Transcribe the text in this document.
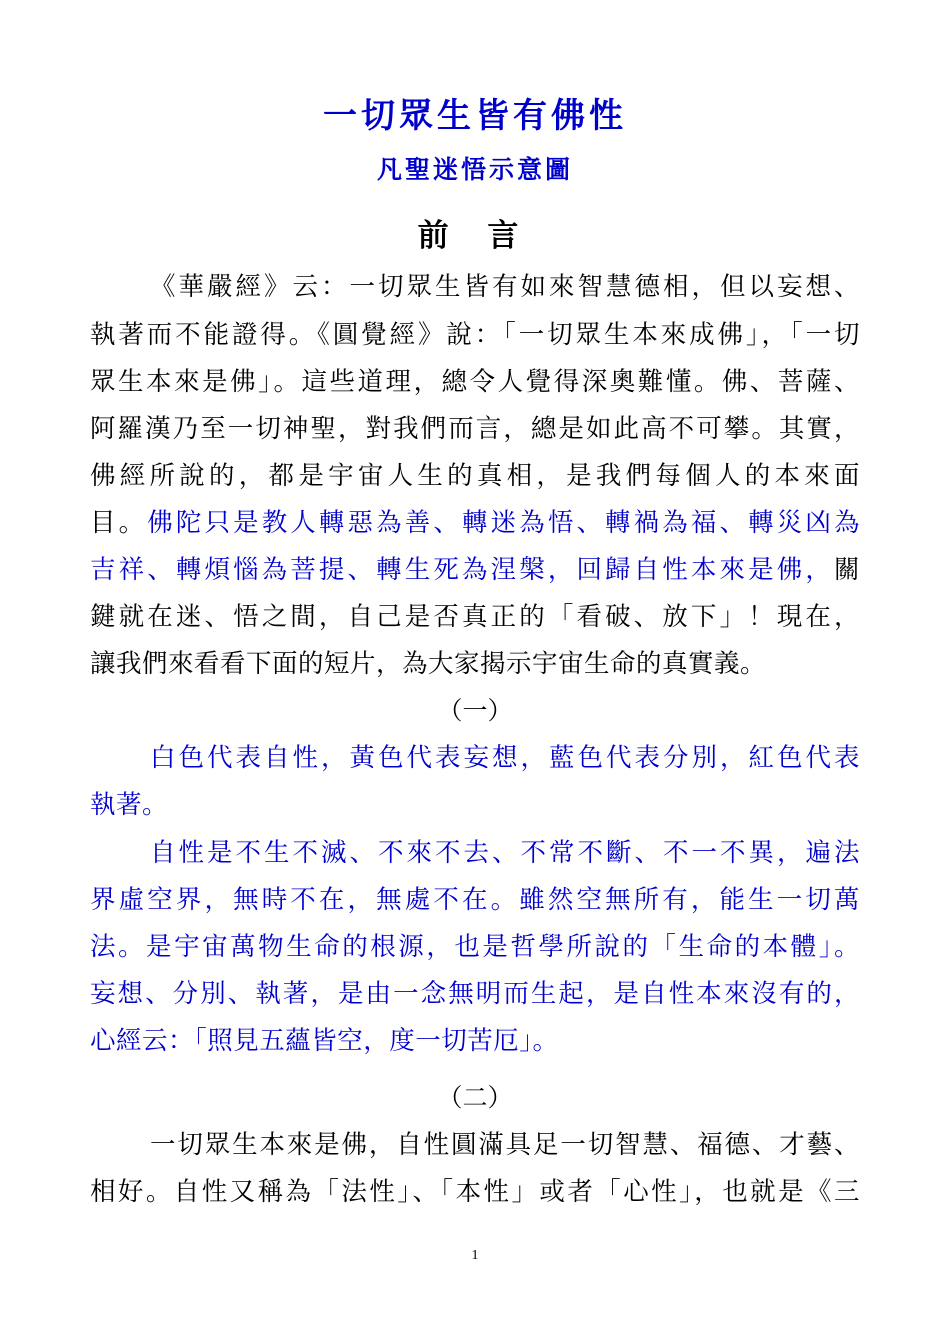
一切眾生皆有佛性
凡聖迷悟示意圖
前 言
《華嚴經》云：一切眾生皆有如來智慧德相，但以妄想、
執著而不能證得。《圓覺經》說：「一切眾生本來成佛」，「一切
眾生本來是佛」。這些道理，總令人覺得深奧難懂。佛、菩薩、
阿羅漢乃至一切神聖，對我們而言，總是如此高不可攀。其實，
佛經所說的，都是宇宙人生的真相，是我們每個人的本來面
目。佛陀只是教人轉惡為善、轉迷為悟、轉禍為福、轉災凶為
吉祥、轉煩惱為菩提、轉生死為涅槃，回歸自性本來是佛，關
鍵就在迷、悟之間，自己是否真正的「看破、放下」！現在，
讓我們來看看下面的短片，為大家揭示宇宙生命的真實義。
（一）
白色代表自性，黃色代表妄想，藍色代表分別，紅色代表
執著。
自性是不生不滅、不來不去、不常不斷、不一不異，遍法
界虛空界，無時不在，無處不在。雖然空無所有，能生一切萬
法。是宇宙萬物生命的根源，也是哲學所說的「生命的本體」。
妄想、分別、執著，是由一念無明而生起，是自性本來沒有的，
心經云：「照見五蘊皆空，度一切苦厄」。
（二）
一切眾生本來是佛，自性圓滿具足一切智慧、福德、才藝、
相好。自性又稱為「法性」、「本性」或者「心性」，也就是《三
1
